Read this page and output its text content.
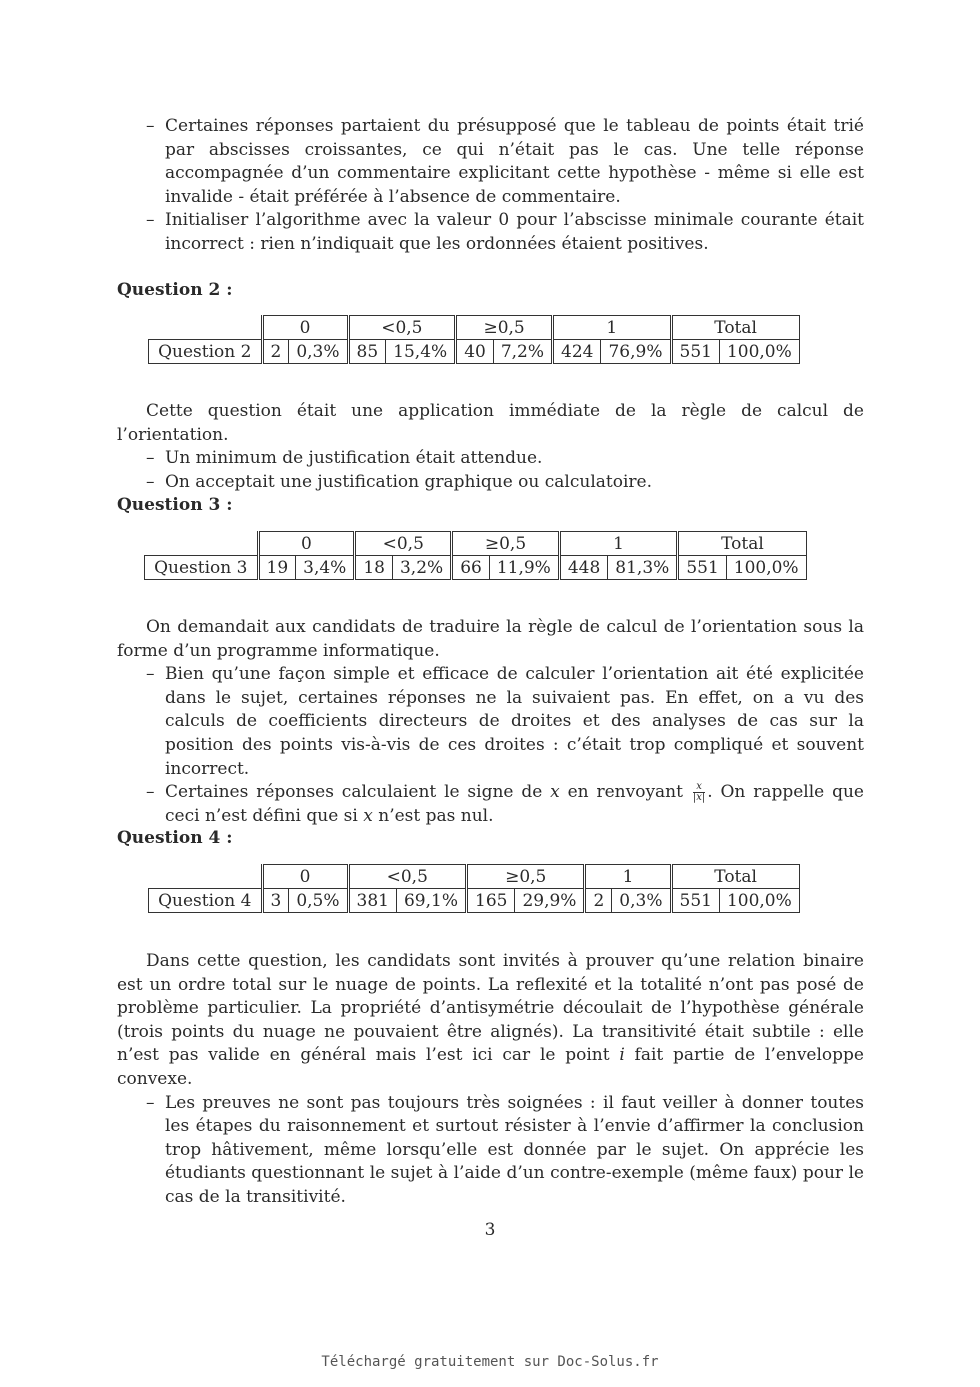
– Certaines réponses partaient du présupposé que le tableau de points était trié par abscisses croissantes, ce qui n’était pas le cas. Une telle réponse accompagnée d’un commentaire explicitant cette hypothèse - même si elle est invalide - était préférée à l’absence de commentaire.
– Initialiser l’algorithme avec la valeur 0 pour l’abscisse minimale courante était incorrect : rien n’indiquait que les ordonnées étaient positives.
Question 2 :
	0		<0,5		≥0,5		1		Total	
Question 2	2	0,3%	85	15,4%	40	7,2%	424	76,9%	551	100,0%
Cette question était une application immédiate de la règle de calcul de l’orientation.
– Un minimum de justification était attendue.
– On acceptait une justification graphique ou calculatoire.
Question 3 :
	0		<0,5		≥0,5		1		Total	
Question 3	19	3,4%	18	3,2%	66	11,9%	448	81,3%	551	100,0%
On demandait aux candidats de traduire la règle de calcul de l’orientation sous la forme d’un programme informatique.
– Bien qu’une façon simple et efficace de calculer l’orientation ait été explicitée dans le sujet, certaines réponses ne la suivaient pas. En effet, on a vu des calculs de coefficients directeurs de droites et des analyses de cas sur la position des points vis-à-vis de ces droites : c’était trop compliqué et souvent incorrect.
– Certaines réponses calculaient le signe de x en renvoyant $\frac{x}{|x|}$ . On rappelle que ceci n’est défini que si x n’est pas nul.
Question 4 :
	0		<0,5		≥0,5		1		Total	
Question 4	3	0,5%	381	69,1%	165	29,9%	2	0,3%	551	100,0%
Dans cette question, les candidats sont invités à prouver qu’une relation binaire est un ordre total sur le nuage de points. La reflexité et la totalité n’ont pas posé de problème particulier. La propriété d’antisymétrie découlait de l’hypothèse générale (trois points du nuage ne pouvaient être alignés). La transitivité était subtile : elle n’est pas valide en général mais l’est ici car le point i fait partie de l’enveloppe convexe.
– Les preuves ne sont pas toujours très soignées : il faut veiller à donner toutes les étapes du raisonnement et surtout résister à l’envie d’affirmer la conclusion trop hâtivement, même lorsqu’elle est donnée par le sujet. On apprécie les étudiants questionnant le sujet à l’aide d’un contre-exemple (même faux) pour le cas de la transitivité.
3
Téléchargé gratuitement sur Doc-Solus.fr
